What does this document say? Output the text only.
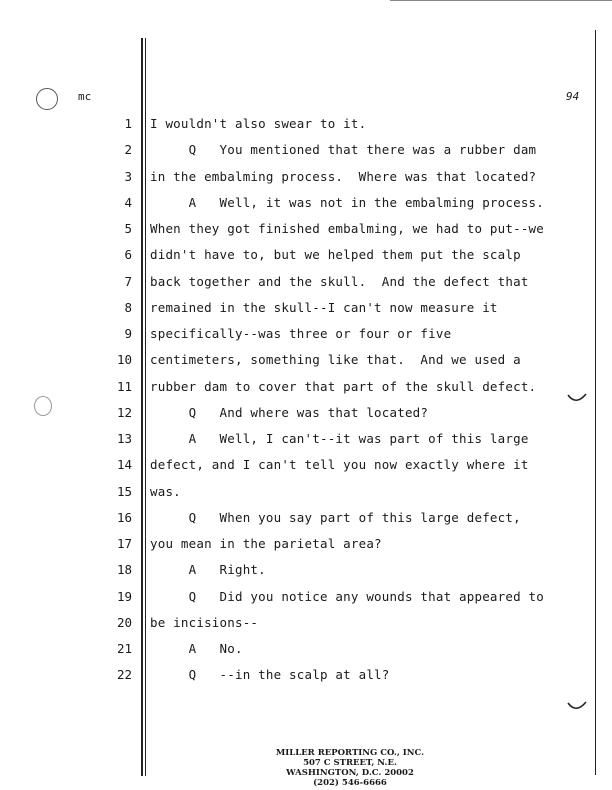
mc	94
1 I wouldn't also swear to it.
2 Q   You mentioned that there was a rubber dam
3 in the embalming process.  Where was that located?
4 A   Well, it was not in the embalming process.
5 When they got finished embalming, we had to put--we
6 didn't have to, but we helped them put the scalp
7 back together and the skull.  And the defect that
8 remained in the skull--I can't now measure it
9 specifically--was three or four or five
10 centimeters, something like that.  And we used a
11 rubber dam to cover that part of the skull defect.
12 Q   And where was that located?
13 A   Well, I can't--it was part of this large
14 defect, and I can't tell you now exactly where it
15 was.
16 Q   When you say part of this large defect,
17 you mean in the parietal area?
18 A   Right.
19 Q   Did you notice any wounds that appeared to
20 be incisions--
21 A   No.
22 Q   --in the scalp at all?
MILLER REPORTING CO., INC.
507 C STREET, N.E.
WASHINGTON, D.C. 20002
(202) 546-6666
